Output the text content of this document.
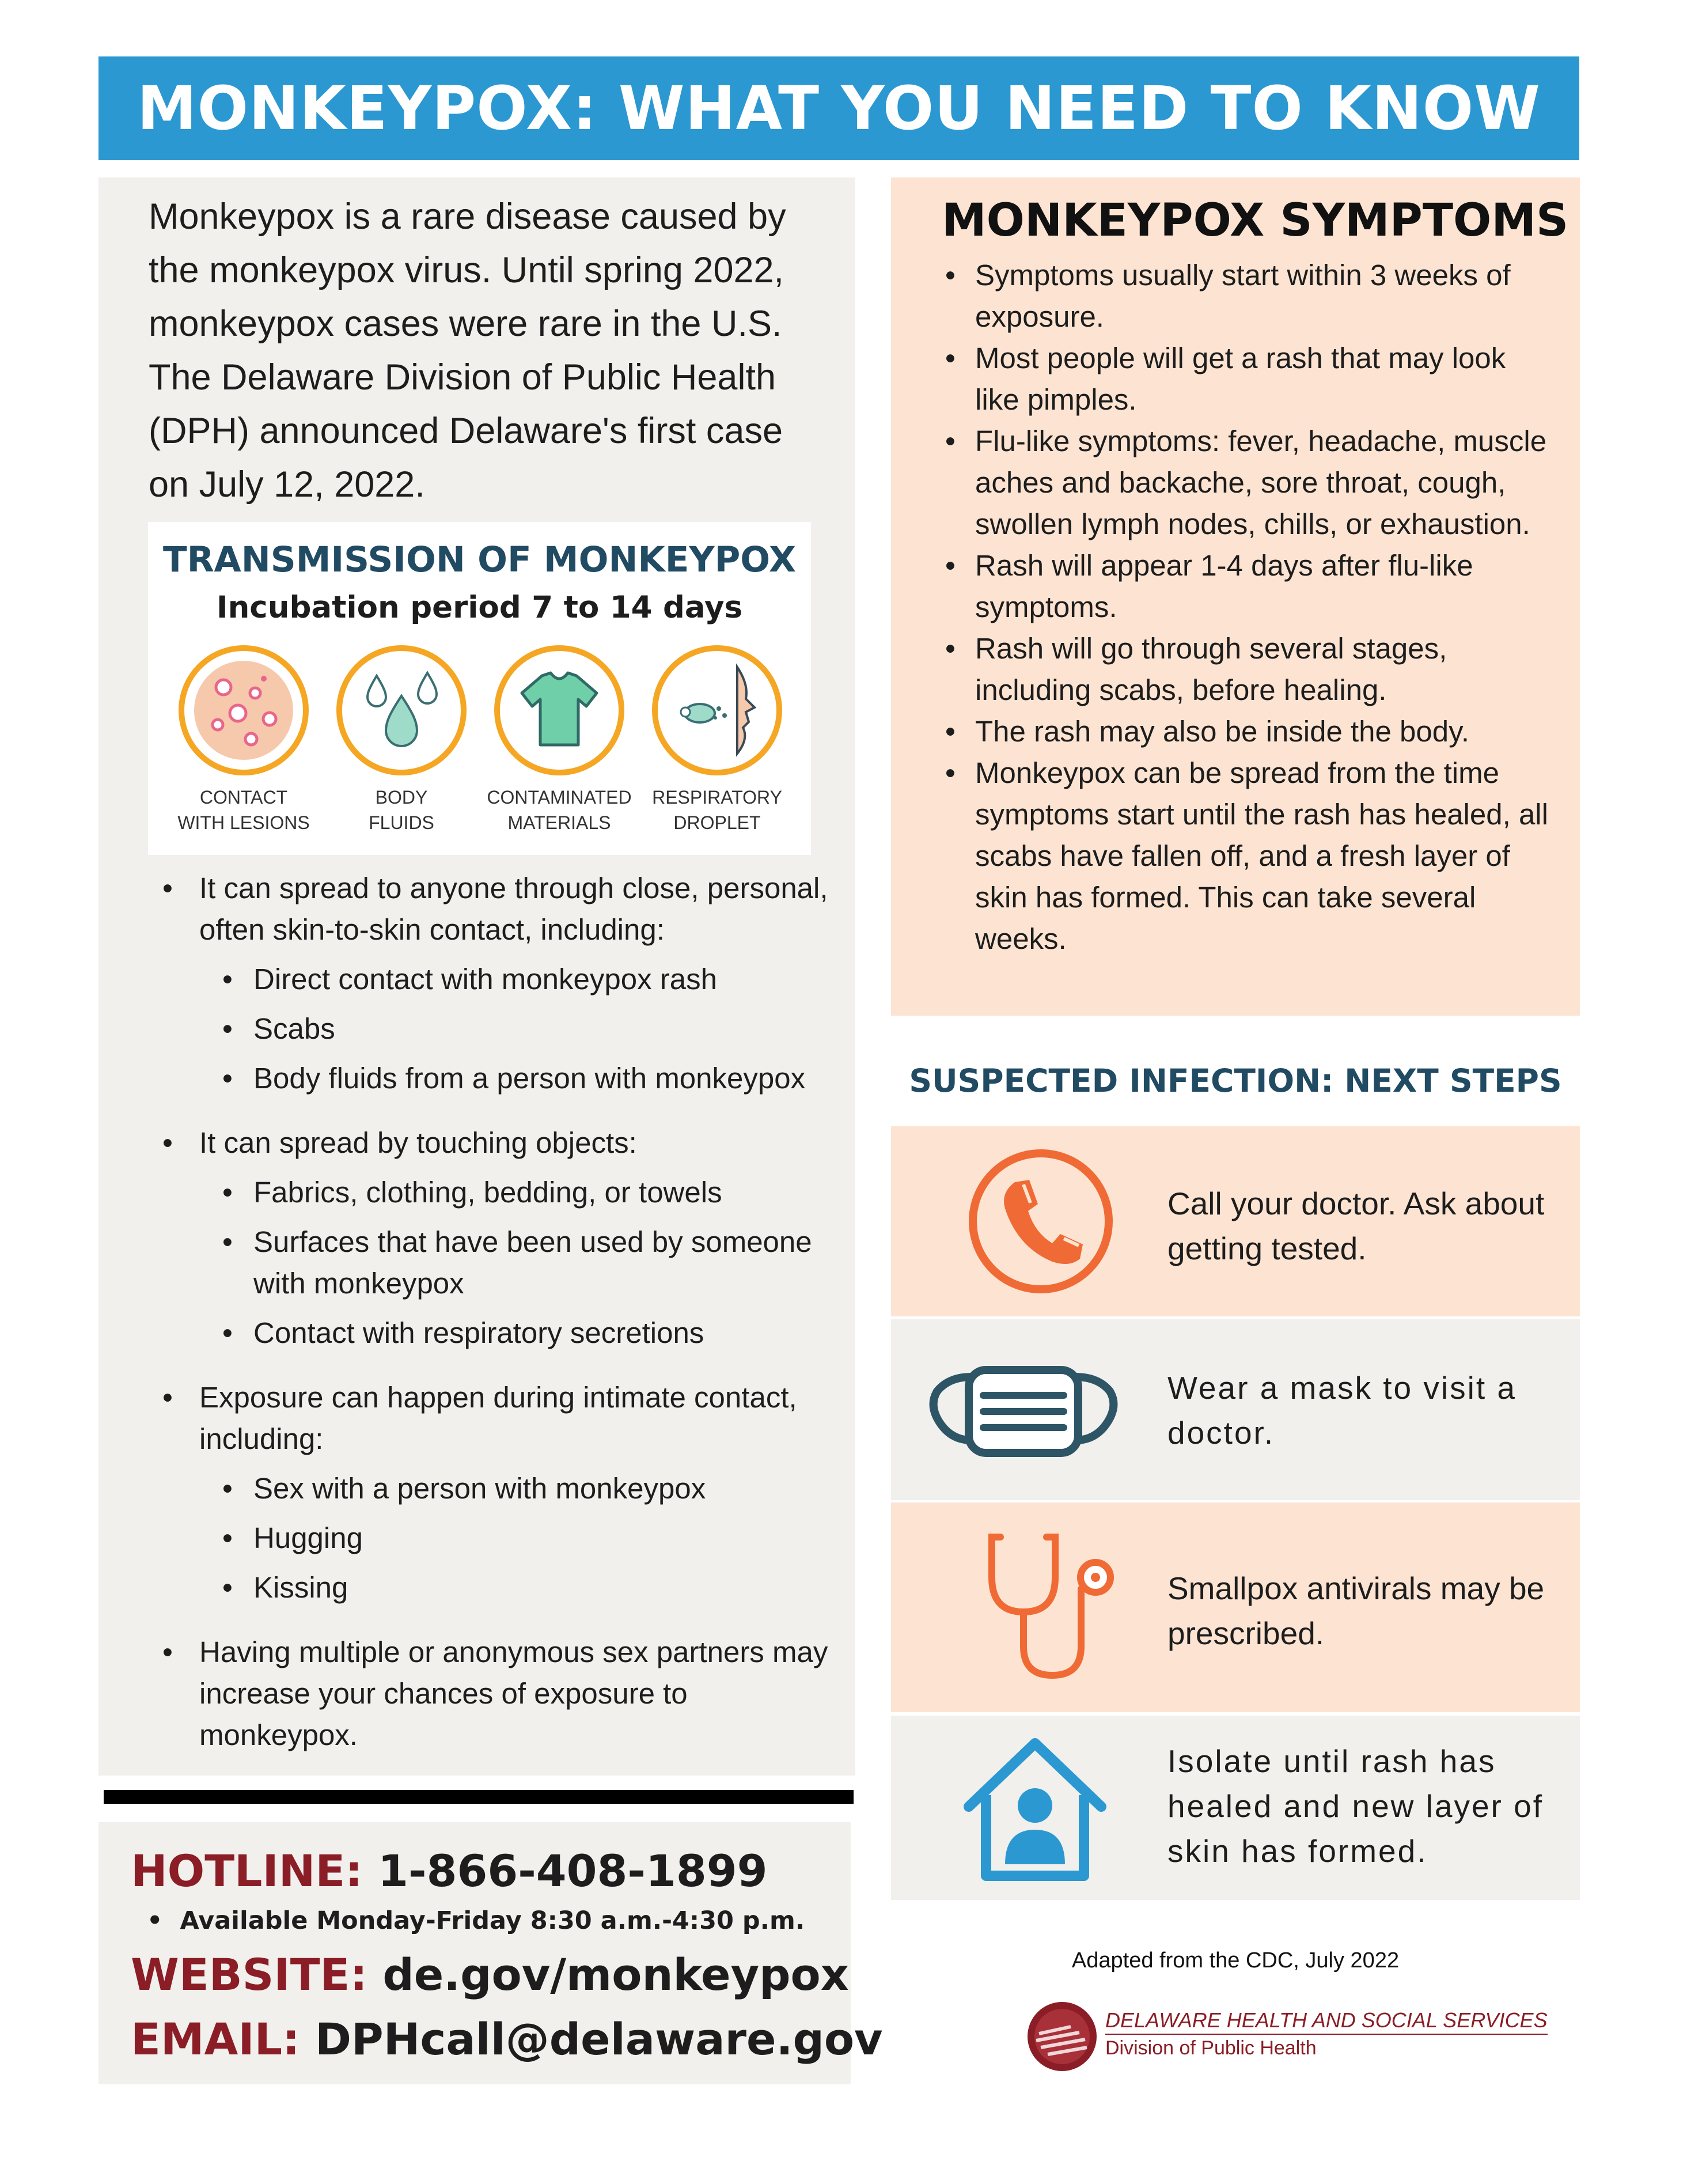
MONKEYPOX: WHAT YOU NEED TO KNOW
Monkeypox is a rare disease caused by the monkeypox virus. Until spring 2022, monkeypox cases were rare in the U.S. The Delaware Division of Public Health (DPH) announced Delaware's first case on July 12, 2022.
TRANSMISSION OF MONKEYPOX
Incubation period 7 to 14 days
CONTACT
WITH LESIONS
BODY
FLUIDS
CONTAMINATED
MATERIALS
RESPIRATORY
DROPLET
• It can spread to anyone through close, personal, often skin-to-skin contact, including:
• Direct contact with monkeypox rash
• Scabs
• Body fluids from a person with monkeypox
• It can spread by touching objects:
• Fabrics, clothing, bedding, or towels
• Surfaces that have been used by someone with monkeypox
• Contact with respiratory secretions
• Exposure can happen during intimate contact, including:
• Sex with a person with monkeypox
• Hugging
• Kissing
• Having multiple or anonymous sex partners may increase your chances of exposure to monkeypox.
HOTLINE: 1-866-408-1899
•  Available Monday-Friday 8:30 a.m.-4:30 p.m.
WEBSITE: de.gov/monkeypox
EMAIL: DPHcall@delaware.gov
MONKEYPOX SYMPTOMS
• Symptoms usually start within 3 weeks of exposure.
• Most people will get a rash that may look like pimples.
• Flu-like symptoms: fever, headache, muscle aches and backache, sore throat, cough, swollen lymph nodes, chills, or exhaustion.
• Rash will appear 1-4 days after flu-like symptoms.
• Rash will go through several stages, including scabs, before healing.
• The rash may also be inside the body.
• Monkeypox can be spread from the time symptoms start until the rash has healed, all scabs have fallen off, and a fresh layer of skin has formed. This can take several weeks.
SUSPECTED INFECTION: NEXT STEPS
Call your doctor. Ask about getting tested.
Wear a mask to visit a doctor.
Smallpox antivirals may be prescribed.
Isolate until rash has healed and new layer of skin has formed.
Adapted from the CDC, July 2022
DELAWARE HEALTH AND SOCIAL SERVICES
Division of Public Health
